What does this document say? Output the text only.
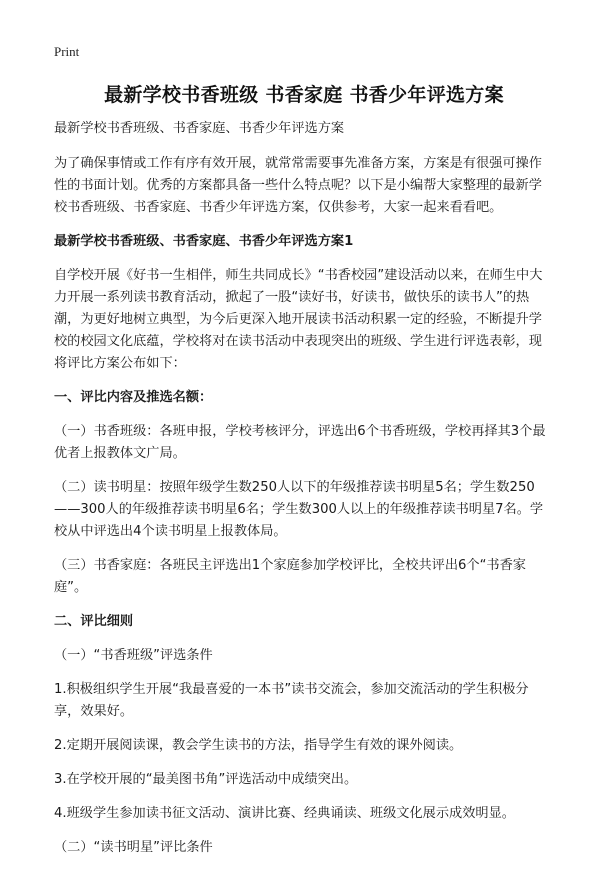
Print
最新学校书香班级 书香家庭 书香少年评选方案

最新学校书香班级、书香家庭、书香少年评选方案

为了确保事情或工作有序有效开展，就常常需要事先准备方案，方案是有很强可操作性的书面计划。优秀的方案都具备一些什么特点呢？以下是小编帮大家整理的最新学校书香班级、书香家庭、书香少年评选方案，仅供参考，大家一起来看看吧。

最新学校书香班级、书香家庭、书香少年评选方案1

自学校开展《好书一生相伴，师生共同成长》“书香校园”建设活动以来，在师生中大力开展一系列读书教育活动，掀起了一股“读好书，好读书，做快乐的读书人”的热潮，为更好地树立典型，为今后更深入地开展读书活动积累一定的经验，不断提升学校的校园文化底蕴，学校将对在读书活动中表现突出的班级、学生进行评选表彰，现将评比方案公布如下：

一、评比内容及推选名额：

（一）书香班级：各班申报，学校考核评分，评选出6个书香班级，学校再择其3个最优者上报教体文广局。

（二）读书明星：按照年级学生数250人以下的年级推荐读书明星5名；学生数250——300人的年级推荐读书明星6名；学生数300人以上的年级推荐读书明星7名。学校从中评选出4个读书明星上报教体局。

（三）书香家庭：各班民主评选出1个家庭参加学校评比，全校共评出6个“书香家庭”。

二、评比细则

（一）“书香班级”评选条件

1.积极组织学生开展“我最喜爱的一本书”读书交流会，参加交流活动的学生积极分享，效果好。

2.定期开展阅读课，教会学生读书的方法，指导学生有效的课外阅读。

3.在学校开展的“最美图书角”评选活动中成绩突出。

4.班级学生参加读书征文活动、演讲比赛、经典诵读、班级文化展示成效明显。

（二）“读书明星”评比条件
